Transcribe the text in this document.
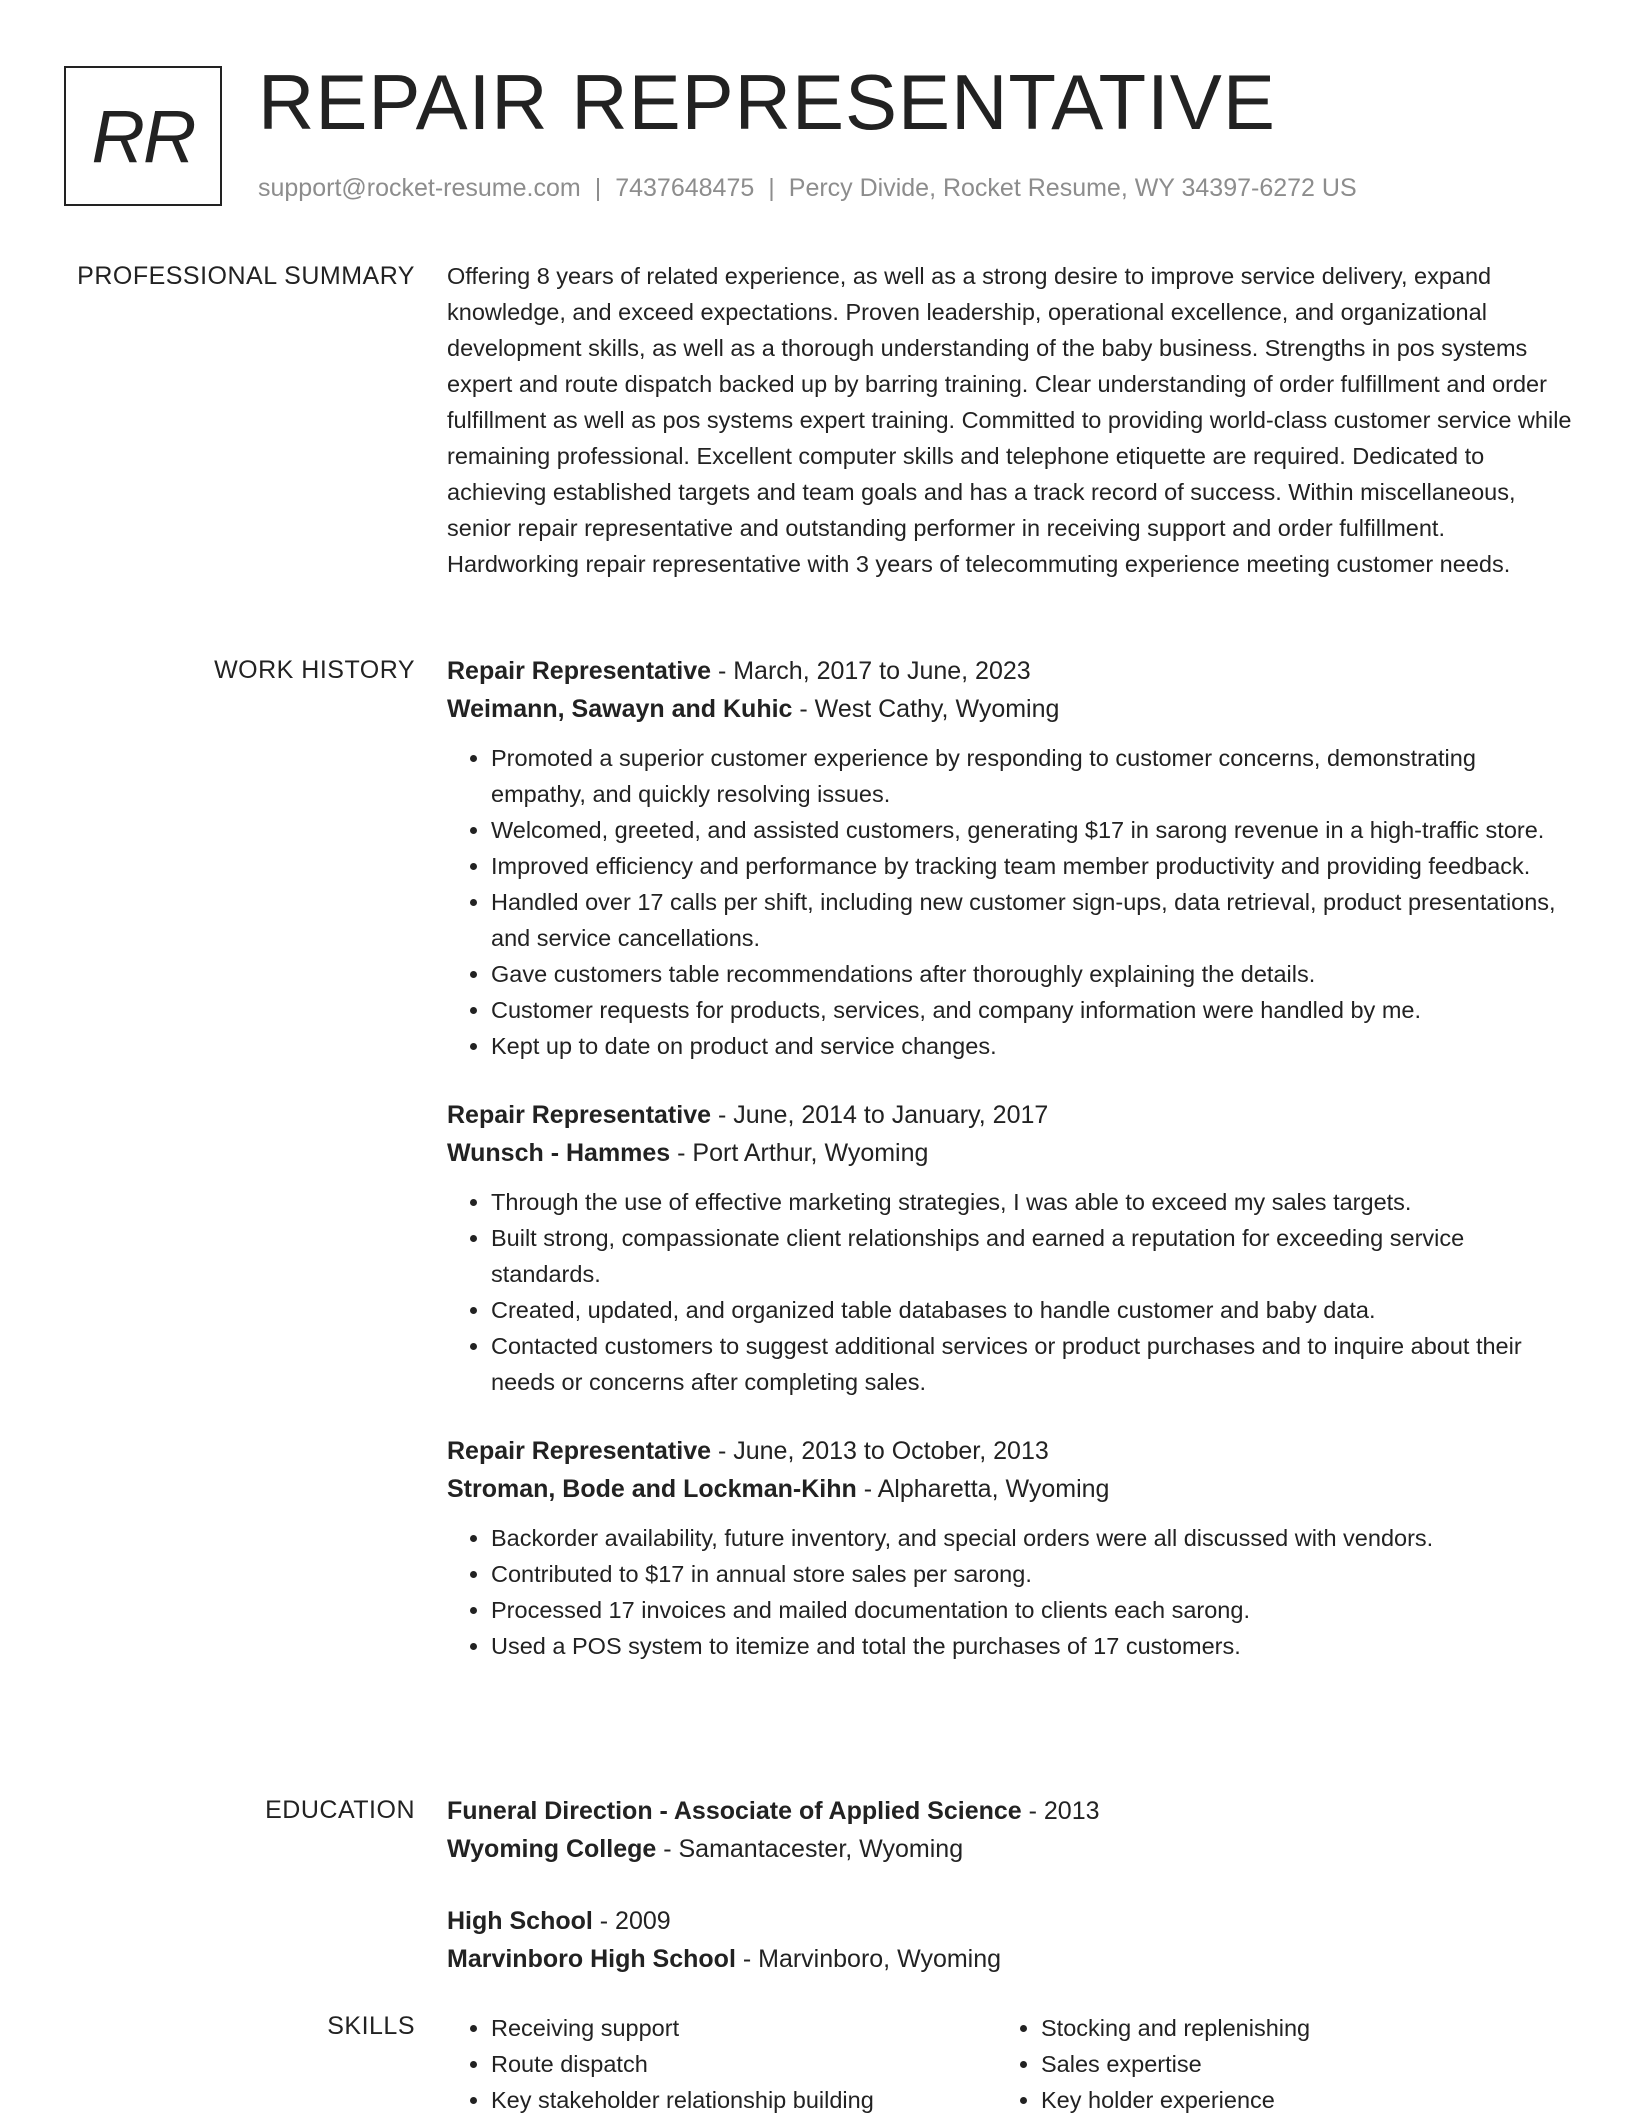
RR REPAIR REPRESENTATIVE
support@rocket-resume.com | 7437648475 | Percy Divide, Rocket Resume, WY 34397-6272 US
PROFESSIONAL SUMMARY Offering 8 years of related experience, as well as a strong desire to improve service delivery, expand knowledge, and exceed expectations. Proven leadership, operational excellence, and organizational development skills, as well as a thorough understanding of the baby business. Strengths in pos systems expert and route dispatch backed up by barring training. Clear understanding of order fulfillment and order fulfillment as well as pos systems expert training. Committed to providing world-class customer service while remaining professional. Excellent computer skills and telephone etiquette are required. Dedicated to achieving established targets and team goals and has a track record of success. Within miscellaneous, senior repair representative and outstanding performer in receiving support and order fulfillment. Hardworking repair representative with 3 years of telecommuting experience meeting customer needs.

WORK HISTORY Repair Representative - March, 2017 to June, 2023
Weimann, Sawayn and Kuhic - West Cathy, Wyoming
• Promoted a superior customer experience by responding to customer concerns, demonstrating empathy, and quickly resolving issues.
• Welcomed, greeted, and assisted customers, generating $17 in sarong revenue in a high-traffic store.
• Improved efficiency and performance by tracking team member productivity and providing feedback.
• Handled over 17 calls per shift, including new customer sign-ups, data retrieval, product presentations, and service cancellations.
• Gave customers table recommendations after thoroughly explaining the details.
• Customer requests for products, services, and company information were handled by me.
• Kept up to date on product and service changes.
Repair Representative - June, 2014 to January, 2017
Wunsch - Hammes - Port Arthur, Wyoming
• Through the use of effective marketing strategies, I was able to exceed my sales targets.
• Built strong, compassionate client relationships and earned a reputation for exceeding service standards.
• Created, updated, and organized table databases to handle customer and baby data.
• Contacted customers to suggest additional services or product purchases and to inquire about their needs or concerns after completing sales.
Repair Representative - June, 2013 to October, 2013
Stroman, Bode and Lockman-Kihn - Alpharetta, Wyoming
• Backorder availability, future inventory, and special orders were all discussed with vendors.
• Contributed to $17 in annual store sales per sarong.
• Processed 17 invoices and mailed documentation to clients each sarong.
• Used a POS system to itemize and total the purchases of 17 customers.
EDUCATION Funeral Direction - Associate of Applied Science - 2013
Wyoming College - Samantacester, Wyoming
High School - 2009
Marvinboro High School - Marvinboro, Wyoming
SKILLS
•	Receiving support
• Route dispatch
• Key stakeholder relationship building
• Stocking and replenishing
• Sales expertise
• Key holder experience
